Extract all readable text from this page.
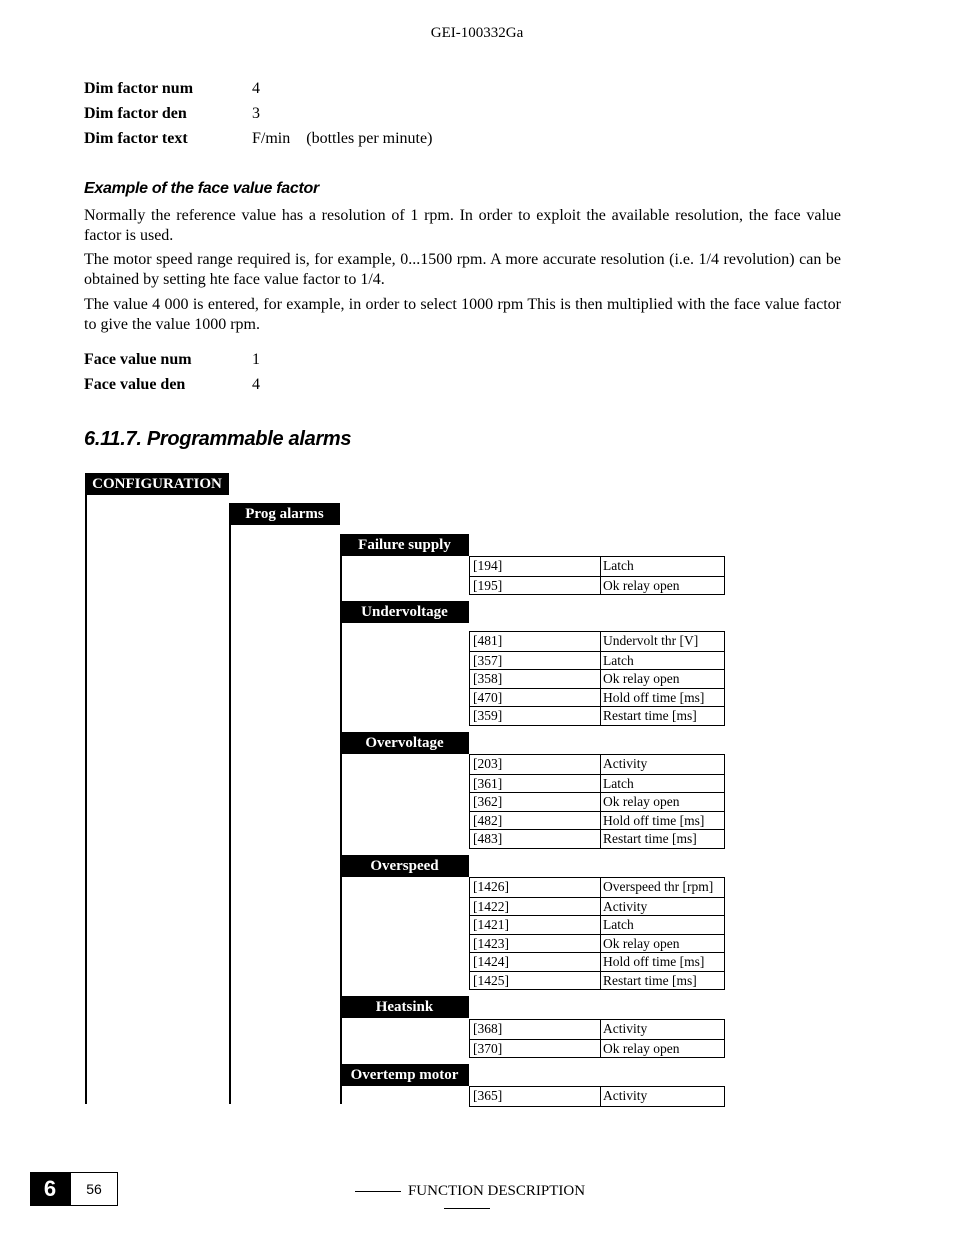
GEI-100332Ga
Dim factor num	4
Dim factor den	3
Dim factor text	F/min (bottles per minute)
Example of the face value factor
Normally the reference value has a resolution of 1 rpm. In order to exploit the available resolution, the face value factor is used.
The motor speed range required is, for example, 0...1500 rpm. A more accurate resolution (i.e. 1/4 revolution) can be obtained by setting hte face value factor to 1/4.
The value 4 000 is entered, for example, in order to select 1000 rpm This is then multiplied with the face value factor to give the value 1000 rpm.
Face value num	1
Face value den	4
6.11.7. Programmable alarms
CONFIGURATION
Prog alarms
Failure supply
[194]	Latch
[195]	Ok relay open
Undervoltage
[481]	Undervolt thr [V]
[357]	Latch
[358]	Ok relay open
[470]	Hold off time [ms]
[359]	Restart time [ms]
Overvoltage
[203]	Activity
[361]	Latch
[362]	Ok relay open
[482]	Hold off time [ms]
[483]	Restart time [ms]
Overspeed
[1426]	Overspeed thr [rpm]
[1422]	Activity
[1421]	Latch
[1423]	Ok relay open
[1424]	Hold off time [ms]
[1425]	Restart time [ms]
Heatsink
[368]	Activity
[370]	Ok relay open
Overtemp motor
[365]	Activity
6	56	FUNCTION DESCRIPTION
